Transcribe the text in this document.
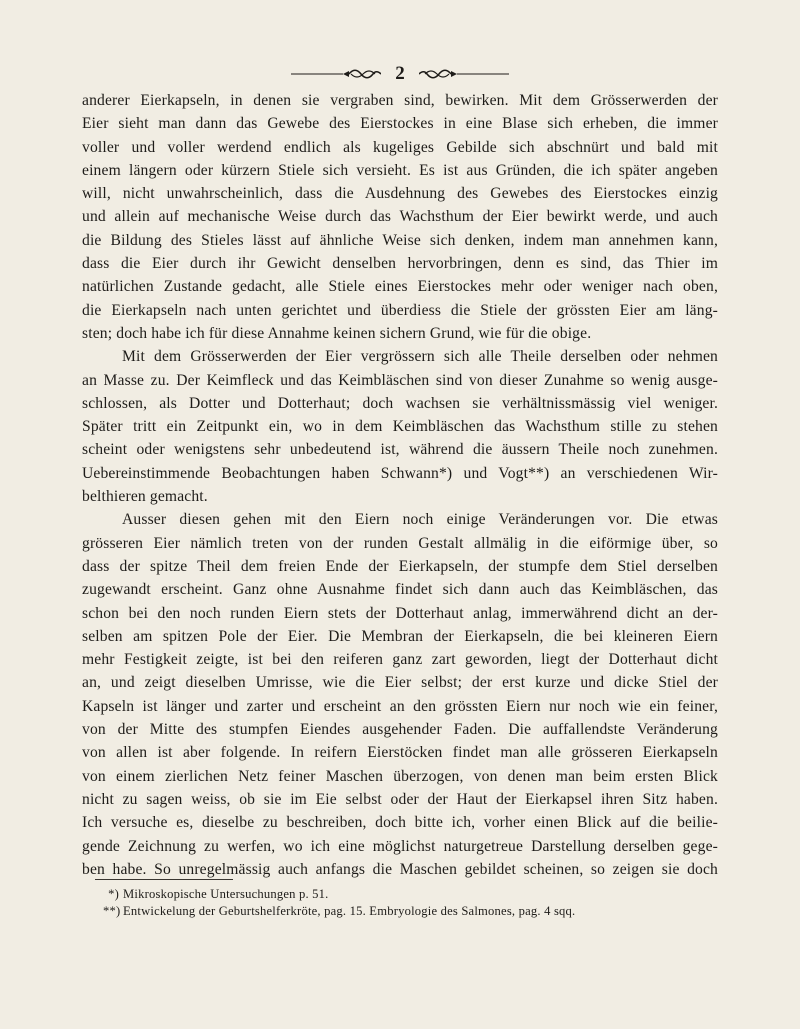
2
anderer Eierkapseln, in denen sie vergraben sind, bewirken. Mit dem Grösserwerden der
Eier sieht man dann das Gewebe des Eierstockes in eine Blase sich erheben, die immer
voller und voller werdend endlich als kugeliges Gebilde sich abschnürt und bald mit
einem längern oder kürzern Stiele sich versieht. Es ist aus Gründen, die ich später angeben
will, nicht unwahrscheinlich, dass die Ausdehnung des Gewebes des Eierstockes einzig
und allein auf mechanische Weise durch das Wachsthum der Eier bewirkt werde, und auch
die Bildung des Stieles lässt auf ähnliche Weise sich denken, indem man annehmen kann,
dass die Eier durch ihr Gewicht denselben hervorbringen, denn es sind, das Thier im
natürlichen Zustande gedacht, alle Stiele eines Eierstockes mehr oder weniger nach oben,
die Eierkapseln nach unten gerichtet und überdiess die Stiele der grössten Eier am läng-
sten; doch habe ich für diese Annahme keinen sichern Grund, wie für die obige.
Mit dem Grösserwerden der Eier vergrössern sich alle Theile derselben oder nehmen
an Masse zu. Der Keimfleck und das Keimbläschen sind von dieser Zunahme so wenig ausge-
schlossen, als Dotter und Dotterhaut; doch wachsen sie verhältnissmässig viel weniger.
Später tritt ein Zeitpunkt ein, wo in dem Keimbläschen das Wachsthum stille zu stehen
scheint oder wenigstens sehr unbedeutend ist, während die äussern Theile noch zunehmen.
Uebereinstimmende Beobachtungen haben Schwann*) und Vogt**) an verschiedenen Wir-
belthieren gemacht.
Ausser diesen gehen mit den Eiern noch einige Veränderungen vor. Die etwas
grösseren Eier nämlich treten von der runden Gestalt allmälig in die eiförmige über, so
dass der spitze Theil dem freien Ende der Eierkapseln, der stumpfe dem Stiel derselben
zugewandt erscheint. Ganz ohne Ausnahme findet sich dann auch das Keimbläschen, das
schon bei den noch runden Eiern stets der Dotterhaut anlag, immerwährend dicht an der-
selben am spitzen Pole der Eier. Die Membran der Eierkapseln, die bei kleineren Eiern
mehr Festigkeit zeigte, ist bei den reiferen ganz zart geworden, liegt der Dotterhaut dicht
an, und zeigt dieselben Umrisse, wie die Eier selbst; der erst kurze und dicke Stiel der
Kapseln ist länger und zarter und erscheint an den grössten Eiern nur noch wie ein feiner,
von der Mitte des stumpfen Eiendes ausgehender Faden. Die auffallendste Veränderung
von allen ist aber folgende. In reifern Eierstöcken findet man alle grösseren Eierkapseln
von einem zierlichen Netz feiner Maschen überzogen, von denen man beim ersten Blick
nicht zu sagen weiss, ob sie im Eie selbst oder der Haut der Eierkapsel ihren Sitz haben.
Ich versuche es, dieselbe zu beschreiben, doch bitte ich, vorher einen Blick auf die beilie-
gende Zeichnung zu werfen, wo ich eine möglichst naturgetreue Darstellung derselben gege-
ben habe. So unregelmässig auch anfangs die Maschen gebildet scheinen, so zeigen sie doch
*) Mikroskopische Untersuchungen p. 51.
**) Entwickelung der Geburtshelferkröte, pag. 15. Embryologie des Salmones, pag. 4 sqq.
